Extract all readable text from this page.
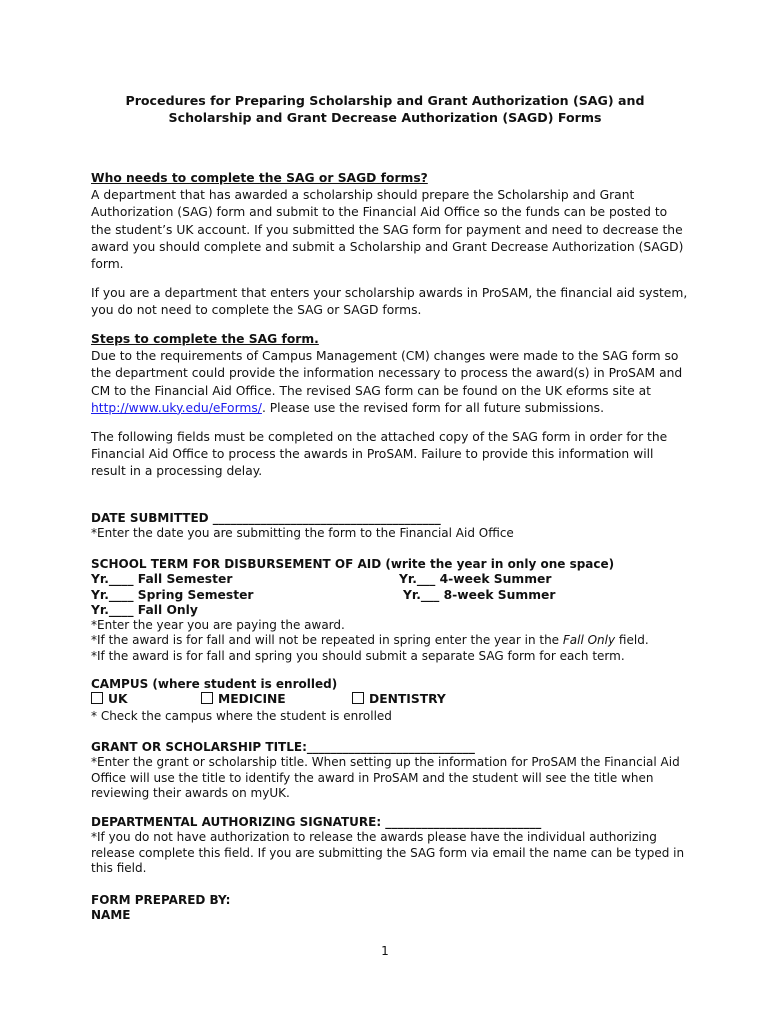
Procedures for Preparing Scholarship and Grant Authorization (SAG) and
Scholarship and Grant Decrease Authorization (SAGD) Forms

Who needs to complete the SAG or SAGD forms?

A department that has awarded a scholarship should prepare the Scholarship and Grant Authorization (SAG) form and submit to the Financial Aid Office so the funds can be posted to the student’s UK account. If you submitted the SAG form for payment and need to decrease the award you should complete and submit a Scholarship and Grant Decrease Authorization (SAGD) form.

If you are a department that enters your scholarship awards in ProSAM, the financial aid system, you do not need to complete the SAG or SAGD forms.

Steps to complete the SAG form.

Due to the requirements of Campus Management (CM) changes were made to the SAG form so the department could provide the information necessary to process the award(s) in ProSAM and CM to the Financial Aid Office. The revised SAG form can be found on the UK eforms site at http://www.uky.edu/eForms/. Please use the revised form for all future submissions.

The following fields must be completed on the attached copy of the SAG form in order for the Financial Aid Office to process the awards in ProSAM. Failure to provide this information will result in a processing delay.

DATE SUBMITTED ______________________________________

*Enter the date you are submitting the form to the Financial Aid Office

SCHOOL TERM FOR DISBURSEMENT OF AID (write the year in only one space)

Yr.____ Fall Semester	Yr.___ 4-week Summer
Yr.____ Spring Semester	Yr.___ 8-week Summer
Yr.____ Fall Only

*Enter the year you are paying the award.

*If the award is for fall and will not be repeated in spring enter the year in the Fall Only field.

*If the award is for fall and spring you should submit a separate SAG form for each term.

CAMPUS (where student is enrolled)

UK	MEDICINE	DENTISTRY

* Check the campus where the student is enrolled

GRANT OR SCHOLARSHIP TITLE:____________________________

*Enter the grant or scholarship title. When setting up the information for ProSAM the Financial Aid Office will use the title to identify the award in ProSAM and the student will see the title when reviewing their awards on myUK.

DEPARTMENTAL AUTHORIZING SIGNATURE: __________________________

*If you do not have authorization to release the awards please have the individual authorizing release complete this field. If you are submitting the SAG form via email the name can be typed in this field.

FORM PREPARED BY:

NAME

1
